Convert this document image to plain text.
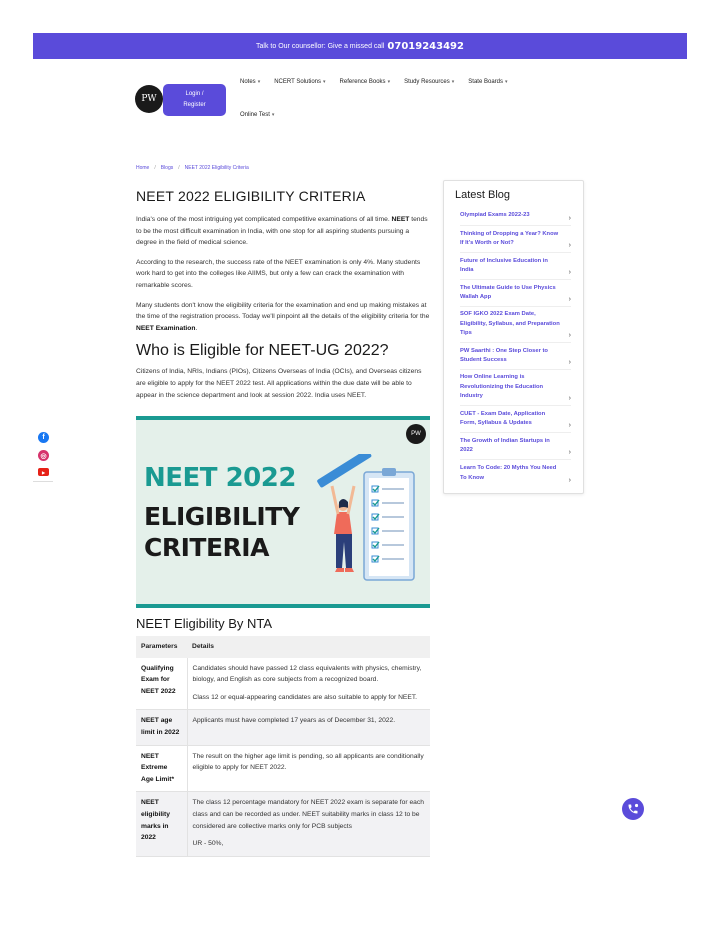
Talk to Our counsellor: Give a missed call 07019243492
PW	Login /
Register
Notes ▾ NCERT Solutions ▾ Reference Books ▾ Study Resources ▾ State Boards ▾
Online Test ▾
Home / Blogs / NEET 2022 Eligibility Criteria
NEET 2022 ELIGIBILITY CRITERIA

India's one of the most intriguing yet complicated competitive examinations of all time. NEET tends to be the most difficult examination in India, with one stop for all aspiring students pursuing a degree in the field of medical science.

According to the research, the success rate of the NEET examination is only 4%. Many students work hard to get into the colleges like AIIMS, but only a few can crack the examination with remarkable scores.

Many students don't know the eligibility criteria for the examination and end up making mistakes at the time of the registration process. Today we'll pinpoint all the details of the eligibility criteria for the NEET Examination.

Who is Eligible for NEET-UG 2022?

Citizens of India, NRIs, Indians (PIOs), Citizens Overseas of India (OCIs), and Overseas citizens are eligible to apply for the NEET 2022 test. All applications within the due date will be able to appear in the science department and look at session 2022. India uses NEET.

PW
NEET 2022
ELIGIBILITY
CRITERIA
NEET Eligibility By NTA
Parameters	Details
Qualifying Exam for NEET 2022	Candidates should have passed 12 class equivalents with physics, chemistry, biology, and English as core subjects from a recognized board.

Class 12 or equal-appearing candidates are also suitable to apply for NEET.

NEET age limit in 2022	Applicants must have completed 17 years as of December 31, 2022.

NEET Extreme Age Limit*	The result on the higher age limit is pending, so all applicants are conditionally eligible to apply for NEET 2022.

NEET eligibility marks in 2022	The class 12 percentage mandatory for NEET 2022 exam is separate for each class and can be recorded as under. NEET suitability marks in class 12 to be considered are collective marks only for PCB subjects

UR - 50%,

Latest Blog
Olympiad Exams 2022-23	›
Thinking of Dropping a Year? Know If It's Worth or Not?	›
Future of Inclusive Education in India	›
The Ultimate Guide to Use Physics Wallah App	›
SOF IGKO 2022 Exam Date, Eligibility, Syllabus, and Preparation Tips	›
PW Saarthi : One Step Closer to Student Success	›
How Online Learning is Revolutionizing the Education Industry	›
CUET - Exam Date, Application Form, Syllabus & Updates	›
The Growth of Indian Startups in 2022	›
Learn To Code: 20 Myths You Need To Know	›
f
◎
▶
